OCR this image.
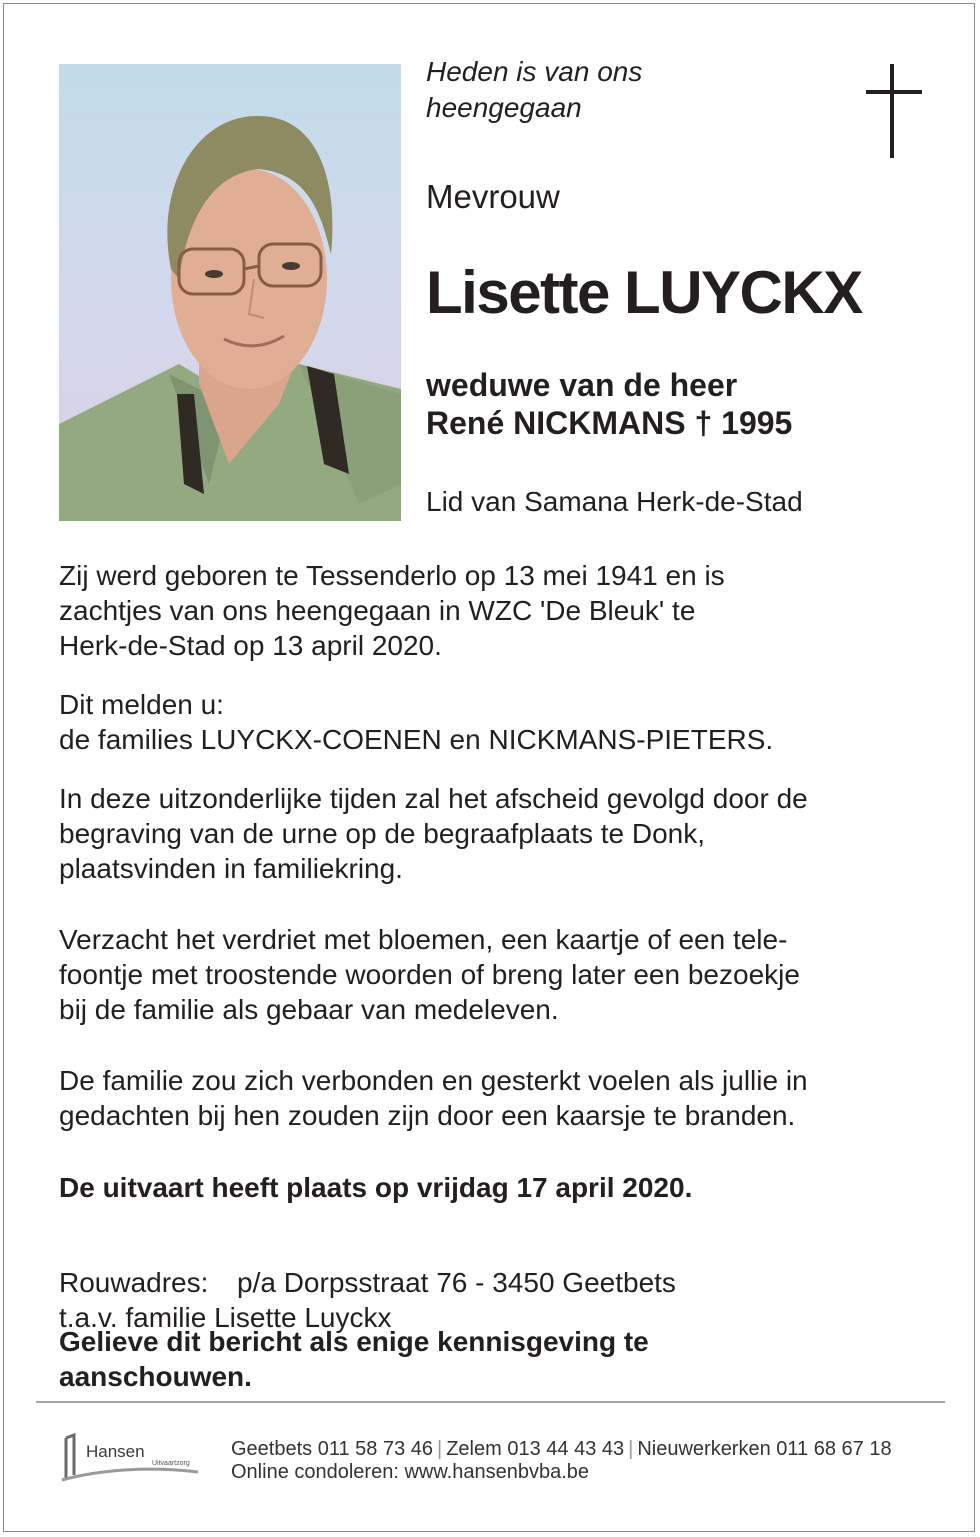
Heden is van ons
heengegaan
Mevrouw
Lisette LUYCKX
weduwe van de heer
René NICKMANS † 1995
Lid van Samana Herk-de-Stad
Zij werd geboren te Tessenderlo op 13 mei 1941 en is
zachtjes van ons heengegaan in WZC 'De Bleuk' te
Herk-de-Stad op 13 april 2020.
Dit melden u:
de families LUYCKX-COENEN en NICKMANS-PIETERS.
In deze uitzonderlijke tijden zal het afscheid gevolgd door de
begraving van de urne op de begraafplaats te Donk,
plaatsvinden in familiekring.
Verzacht het verdriet met bloemen, een kaartje of een tele-
foontje met troostende woorden of breng later een bezoekje
bij de familie als gebaar van medeleven.
De familie zou zich verbonden en gesterkt voelen als jullie in
gedachten bij hen zouden zijn door een kaarsje te branden.
De uitvaart heeft plaats op vrijdag 17 april 2020.

Rouwadres:
t.a.v. familie Lisette Luyckx

p/a Dorpsstraat 76 - 3450 Geetbets
Gelieve dit bericht als enige kennisgeving te
aanschouwen.
Hansen
Uitvaartzorg
Geetbets 011 58 73 46 | Zelem 013 44 43 43 | Nieuwerkerken 011 68 67 18
Online condoleren: www.hansenbvba.be
